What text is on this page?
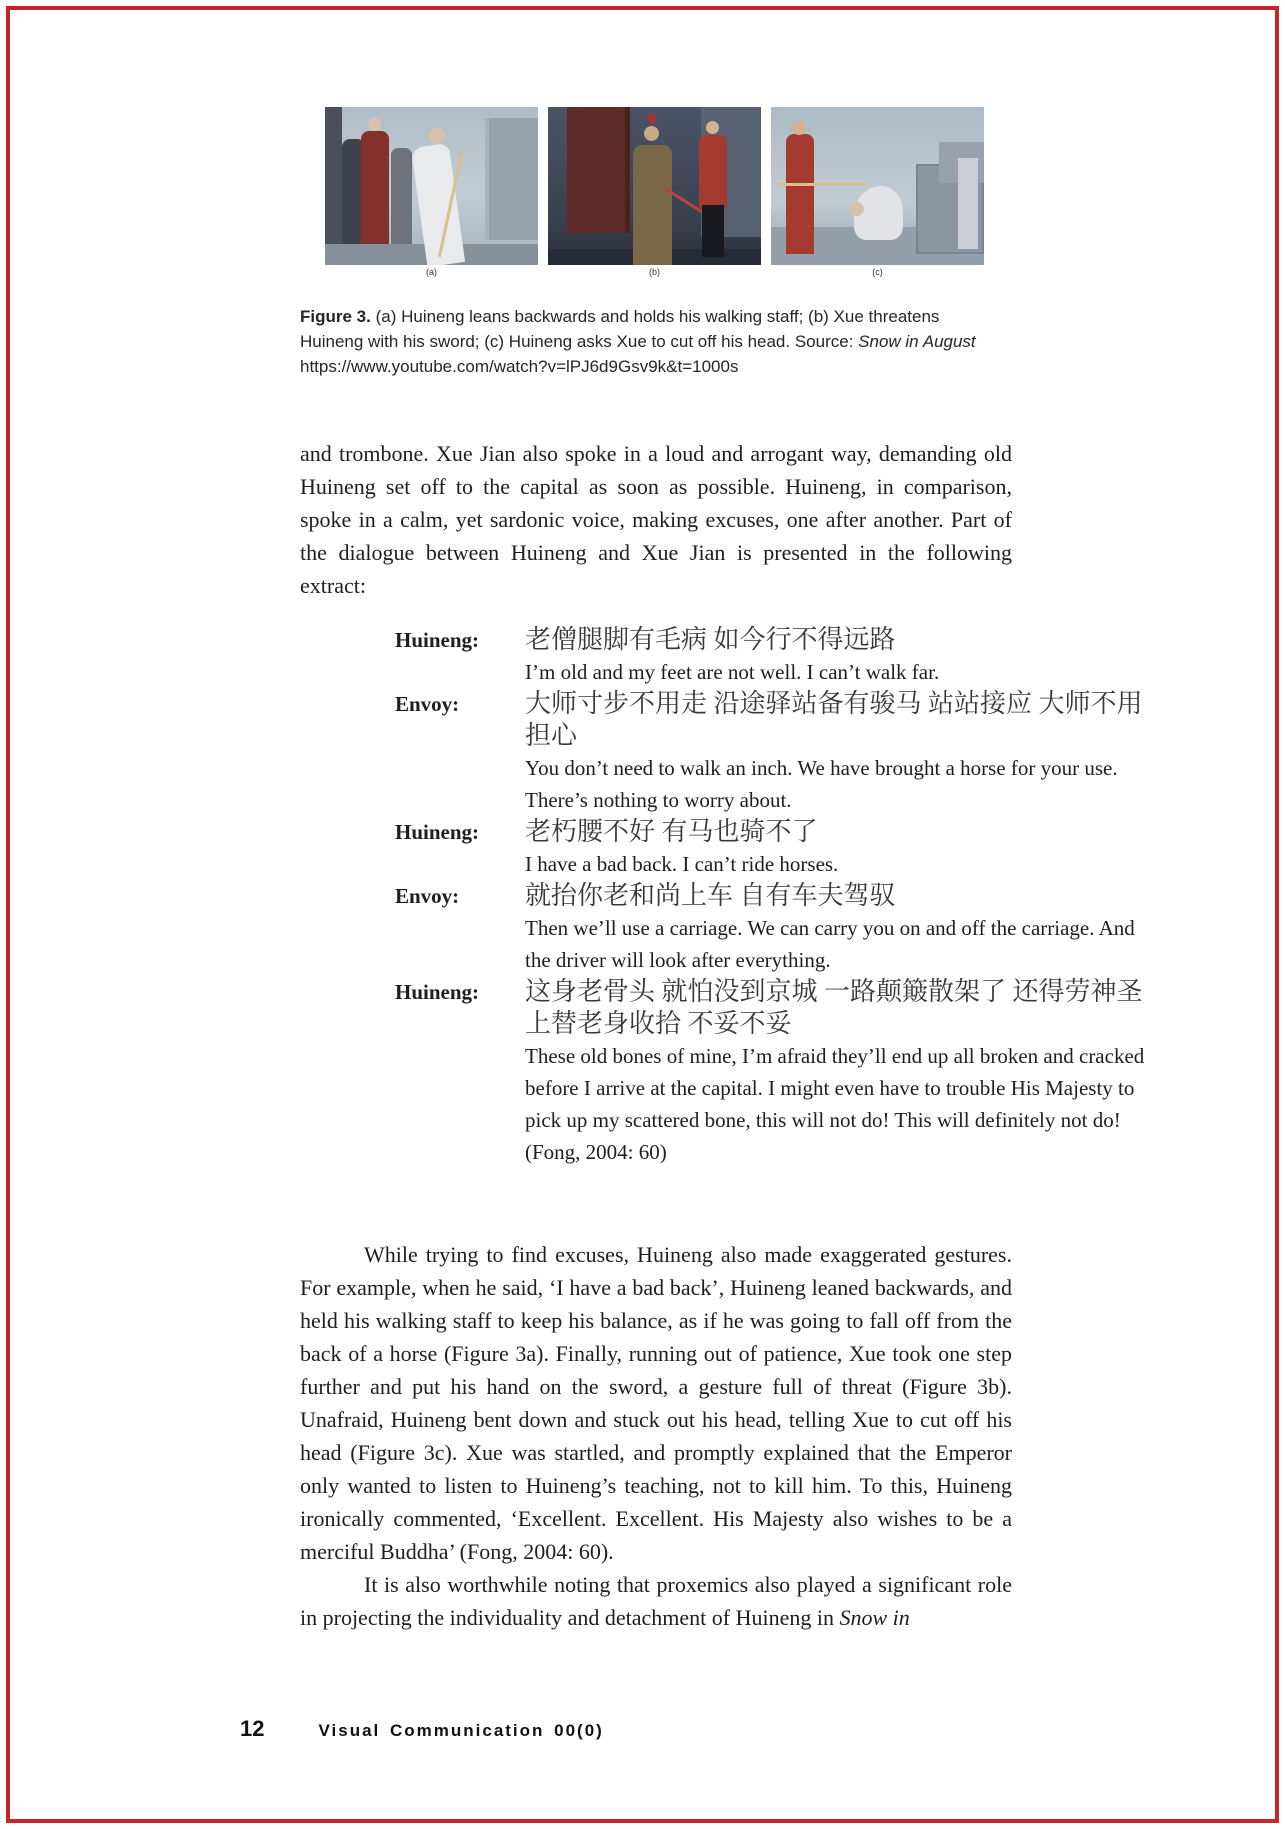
(a)	(b)	(c)
Figure 3. (a) Huineng leans backwards and holds his walking staff; (b) Xue threatens Huineng with his sword; (c) Huineng asks Xue to cut off his head. Source: Snow in August https://www.youtube.com/watch?v=lPJ6d9Gsv9k&t=1000s
and trombone. Xue Jian also spoke in a loud and arrogant way, demanding old Huineng set off to the capital as soon as possible. Huineng, in comparison, spoke in a calm, yet sardonic voice, making excuses, one after another. Part of the dialogue between Huineng and Xue Jian is presented in the following extract:
Huineng:	老僧腿脚有毛病 如今行不得远路
I’m old and my feet are not well. I can’t walk far.
Envoy:	大师寸步不用走 沿途驿站备有骏马 站站接应 大师不用担心
You don’t need to walk an inch. We have brought a horse for your use. There’s nothing to worry about.
Huineng:	老朽腰不好 有马也骑不了
I have a bad back. I can’t ride horses.
Envoy:	就抬你老和尚上车 自有车夫驾驭
Then we’ll use a carriage. We can carry you on and off the carriage. And the driver will look after everything.
Huineng:	这身老骨头 就怕没到京城 一路颠簸散架了 还得劳神圣上替老身收拾 不妥不妥
These old bones of mine, I’m afraid they’ll end up all broken and cracked before I arrive at the capital. I might even have to trouble His Majesty to pick up my scattered bone, this will not do! This will definitely not do! (Fong, 2004: 60)
While trying to find excuses, Huineng also made exaggerated gestures. For example, when he said, ‘I have a bad back’, Huineng leaned backwards, and held his walking staff to keep his balance, as if he was going to fall off from the back of a horse (Figure 3a). Finally, running out of patience, Xue took one step further and put his hand on the sword, a gesture full of threat (Figure 3b). Unafraid, Huineng bent down and stuck out his head, telling Xue to cut off his head (Figure 3c). Xue was startled, and promptly explained that the Emperor only wanted to listen to Huineng’s teaching, not to kill him. To this, Huineng ironically commented, ‘Excellent. Excellent. His Majesty also wishes to be a merciful Buddha’ (Fong, 2004: 60).
It is also worthwhile noting that proxemics also played a significant role in projecting the individuality and detachment of Huineng in Snow in
12	Visual Communication 00(0)
